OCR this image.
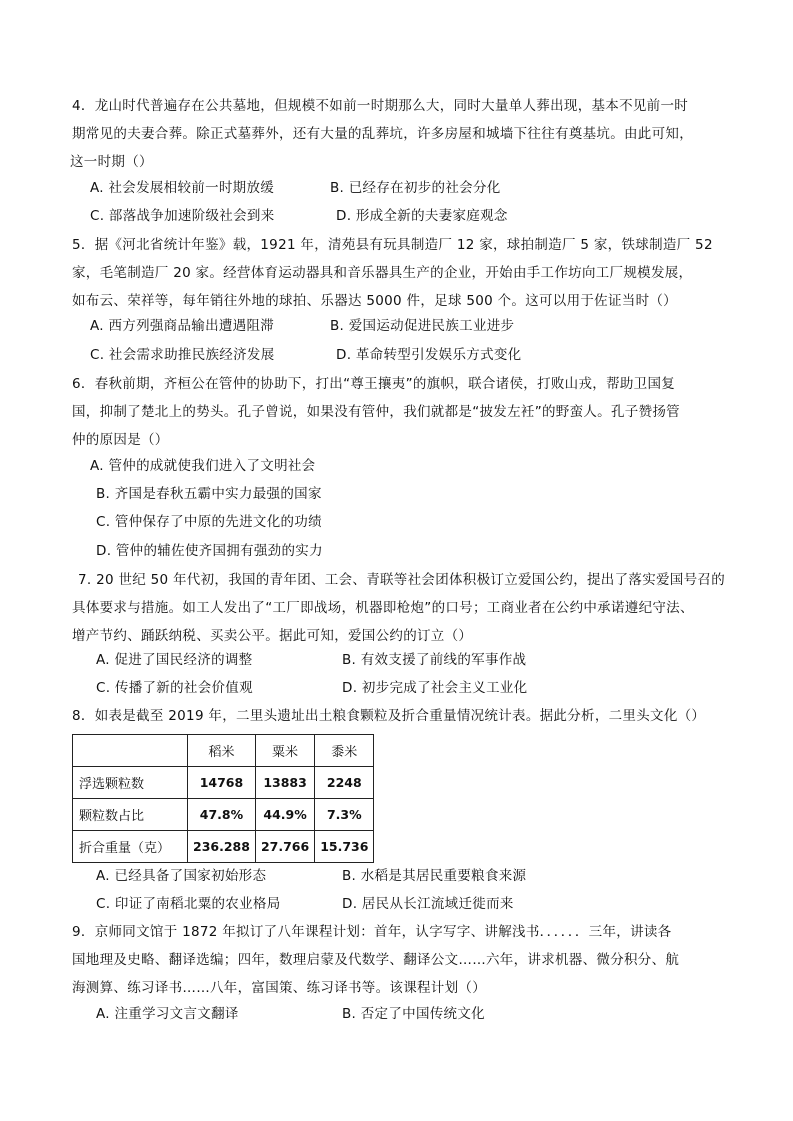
4．龙山时代普遍存在公共墓地，但规模不如前一时期那么大，同时大量单人葬出现，基本不见前一时
期常见的夫妻合葬。除正式墓葬外，还有大量的乱葬坑，许多房屋和城墙下往往有奠基坑。由此可知，
这一时期（）
A. 社会发展相较前一时期放缓	B. 已经存在初步的社会分化
C. 部落战争加速阶级社会到来	D. 形成全新的夫妻家庭观念
5．据《河北省统计年鉴》载，1921 年，清苑县有玩具制造厂 12 家，球拍制造厂 5 家，铁球制造厂 52
家，毛笔制造厂 20 家。经营体育运动器具和音乐器具生产的企业，开始由手工作坊向工厂规模发展，
如布云、荣祥等，每年销往外地的球拍、乐器达 5000 件，足球 500 个。这可以用于佐证当时（）
A. 西方列强商品输出遭遇阻滞	B. 爱国运动促进民族工业进步
C. 社会需求助推民族经济发展	D. 革命转型引发娱乐方式变化
6．春秋前期，齐桓公在管仲的协助下，打出“尊王攘夷”的旗帜，联合诸侯，打败山戎，帮助卫国复
国，抑制了楚北上的势头。孔子曾说，如果没有管仲，我们就都是“披发左衽”的野蛮人。孔子赞扬管
仲的原因是（）
A. 管仲的成就使我们进入了文明社会
B. 齐国是春秋五霸中实力最强的国家
C. 管仲保存了中原的先进文化的功绩
D. 管仲的辅佐使齐国拥有强劲的实力
7. 20 世纪 50 年代初，我国的青年团、工会、青联等社会团体积极订立爱国公约，提出了落实爱国号召的
具体要求与措施。如工人发出了“工厂即战场，机器即枪炮”的口号；工商业者在公约中承诺遵纪守法、
增产节约、踊跃纳税、买卖公平。据此可知，爱国公约的订立（）
A. 促进了国民经济的调整	B. 有效支援了前线的军事作战
C. 传播了新的社会价值观	D. 初步完成了社会主义工业化
8．如表是截至 2019 年，二里头遗址出土粮食颗粒及折合重量情况统计表。据此分析，二里头文化（）
	稻米	粟米	黍米
浮选颗粒数	14768	13883	2248
颗粒数占比	47.8%	44.9%	7.3%
折合重量（克）	236.288	27.766	15.736
A. 已经具备了国家初始形态	B. 水稻是其居民重要粮食来源
C. 印证了南稻北粟的农业格局	D. 居民从长江流域迁徙而来
9．京师同文馆于 1872 年拟订了八年课程计划：首年，认字写字、讲解浅书．．．．．．三年，讲读各
国地理及史略、翻译选编；四年，数理启蒙及代数学、翻译公文……六年，讲求机器、微分积分、航
海测算、练习译书……八年，富国策、练习译书等。该课程计划（）
A. 注重学习文言文翻译	B. 否定了中国传统文化
